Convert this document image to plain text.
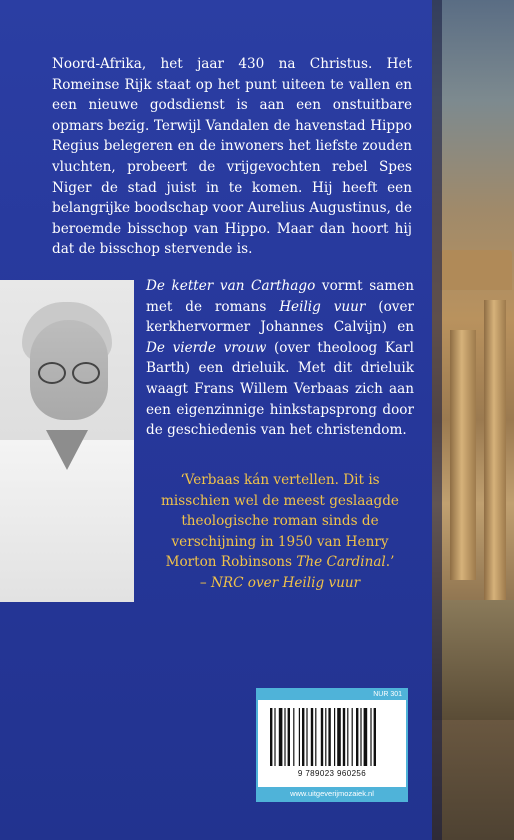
Noord-Afrika, het jaar 430 na Christus. Het Romeinse Rijk staat op het punt uiteen te vallen en een nieuwe godsdienst is aan een onstuitbare opmars bezig. Terwijl Vandalen de havenstad Hippo Regius belegeren en de inwoners het liefste zouden vluchten, probeert de vrijgevochten rebel Spes Niger de stad juist in te komen. Hij heeft een belangrijke boodschap voor Aurelius Augustinus, de beroemde bisschop van Hippo. Maar dan hoort hij dat de bisschop stervende is.

De ketter van Carthago vormt samen met de romans Heilig vuur (over kerkhervormer Johannes Calvijn) en De vierde vrouw (over theoloog Karl Barth) een drieluik. Met dit drieluik waagt Frans Willem Verbaas zich aan een eigenzinnige hinkstapsprong door de geschiedenis van het christendom.

‘Verbaas kán vertellen. Dit is misschien wel de meest geslaagde theologische roman sinds de verschijning in 1950 van Henry Morton Robinsons The Cardinal.’
– NRC over Heilig vuur

NUR 301
9 789023 960256
www.uitgeverijmozaiek.nl
